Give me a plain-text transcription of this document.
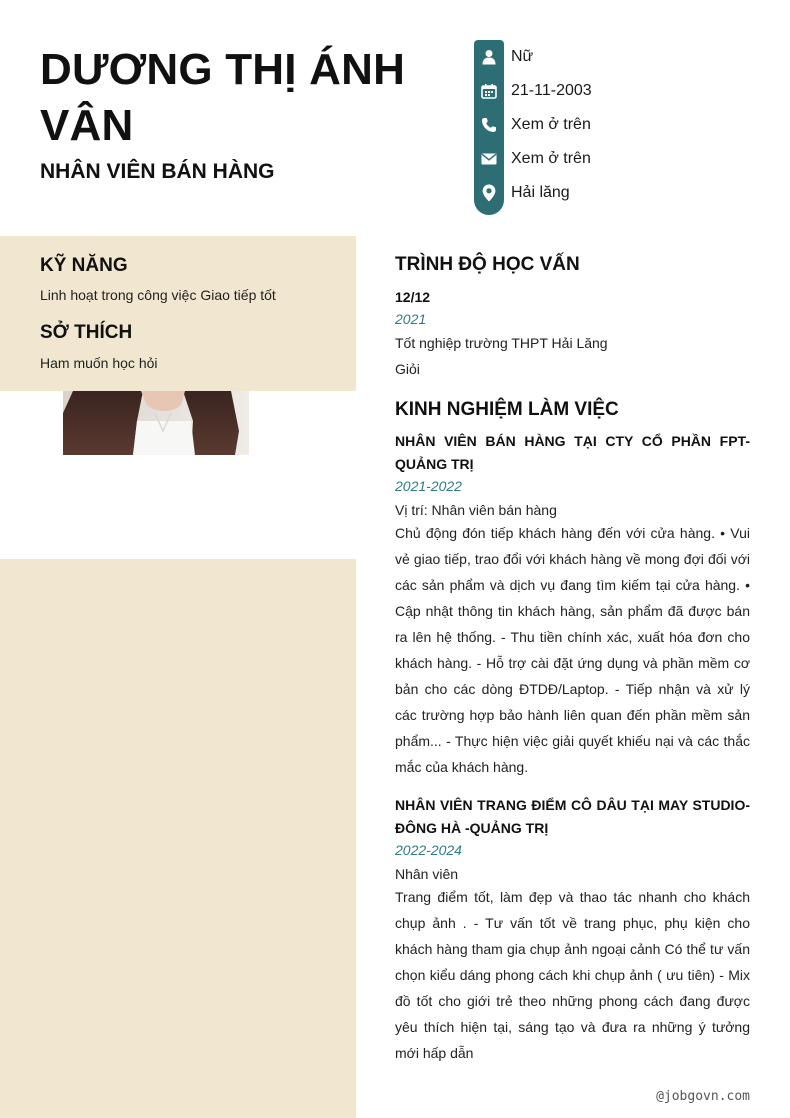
DƯƠNG THỊ ÁNH VÂN
NHÂN VIÊN BÁN HÀNG
Nữ
21-11-2003
Xem ở trên
Xem ở trên
Hải lăng
KỸ NĂNG
Linh hoạt trong công việc Giao tiếp tốt
SỞ THÍCH
Ham muốn học hỏi
TRÌNH ĐỘ HỌC VẤN
12/12
2021
Tốt nghiệp trường THPT Hải Lăng
Giỏi
KINH NGHIỆM LÀM VIỆC
NHÂN VIÊN BÁN HÀNG TẠI CTY CỔ PHẦN FPT-QUẢNG TRỊ
2021-2022
Vị trí: Nhân viên bán hàng
Chủ động đón tiếp khách hàng đến với cửa hàng. • Vui vẻ giao tiếp, trao đổi với khách hàng về mong đợi đối với các sản phẩm và dịch vụ đang tìm kiếm tại cửa hàng. • Cập nhật thông tin khách hàng, sản phẩm đã được bán ra lên hệ thống. - Thu tiền chính xác, xuất hóa đơn cho khách hàng. - Hỗ trợ cài đặt ứng dụng và phần mềm cơ bản cho các dòng ĐTDĐ/Laptop. - Tiếp nhận và xử lý các trường hợp bảo hành liên quan đến phần mềm sản phẩm... - Thực hiện việc giải quyết khiếu nại và các thắc mắc của khách hàng.
NHÂN VIÊN TRANG ĐIỂM CÔ DÂU TẠI MAY STUDIO-ĐÔNG HÀ -QUẢNG TRỊ
2022-2024
Nhân viên
Trang điểm tốt, làm đẹp và thao tác nhanh cho khách chụp ảnh . - Tư vấn tốt về trang phục, phụ kiện cho khách hàng tham gia chụp ảnh ngoại cảnh Có thể tư vấn chọn kiểu dáng phong cách khi chụp ảnh ( ưu tiên) - Mix đồ tốt cho giới trẻ theo những phong cách đang được yêu thích hiện tại, sáng tạo và đưa ra những ý tưởng mới hấp dẫn
@jobgovn.com
